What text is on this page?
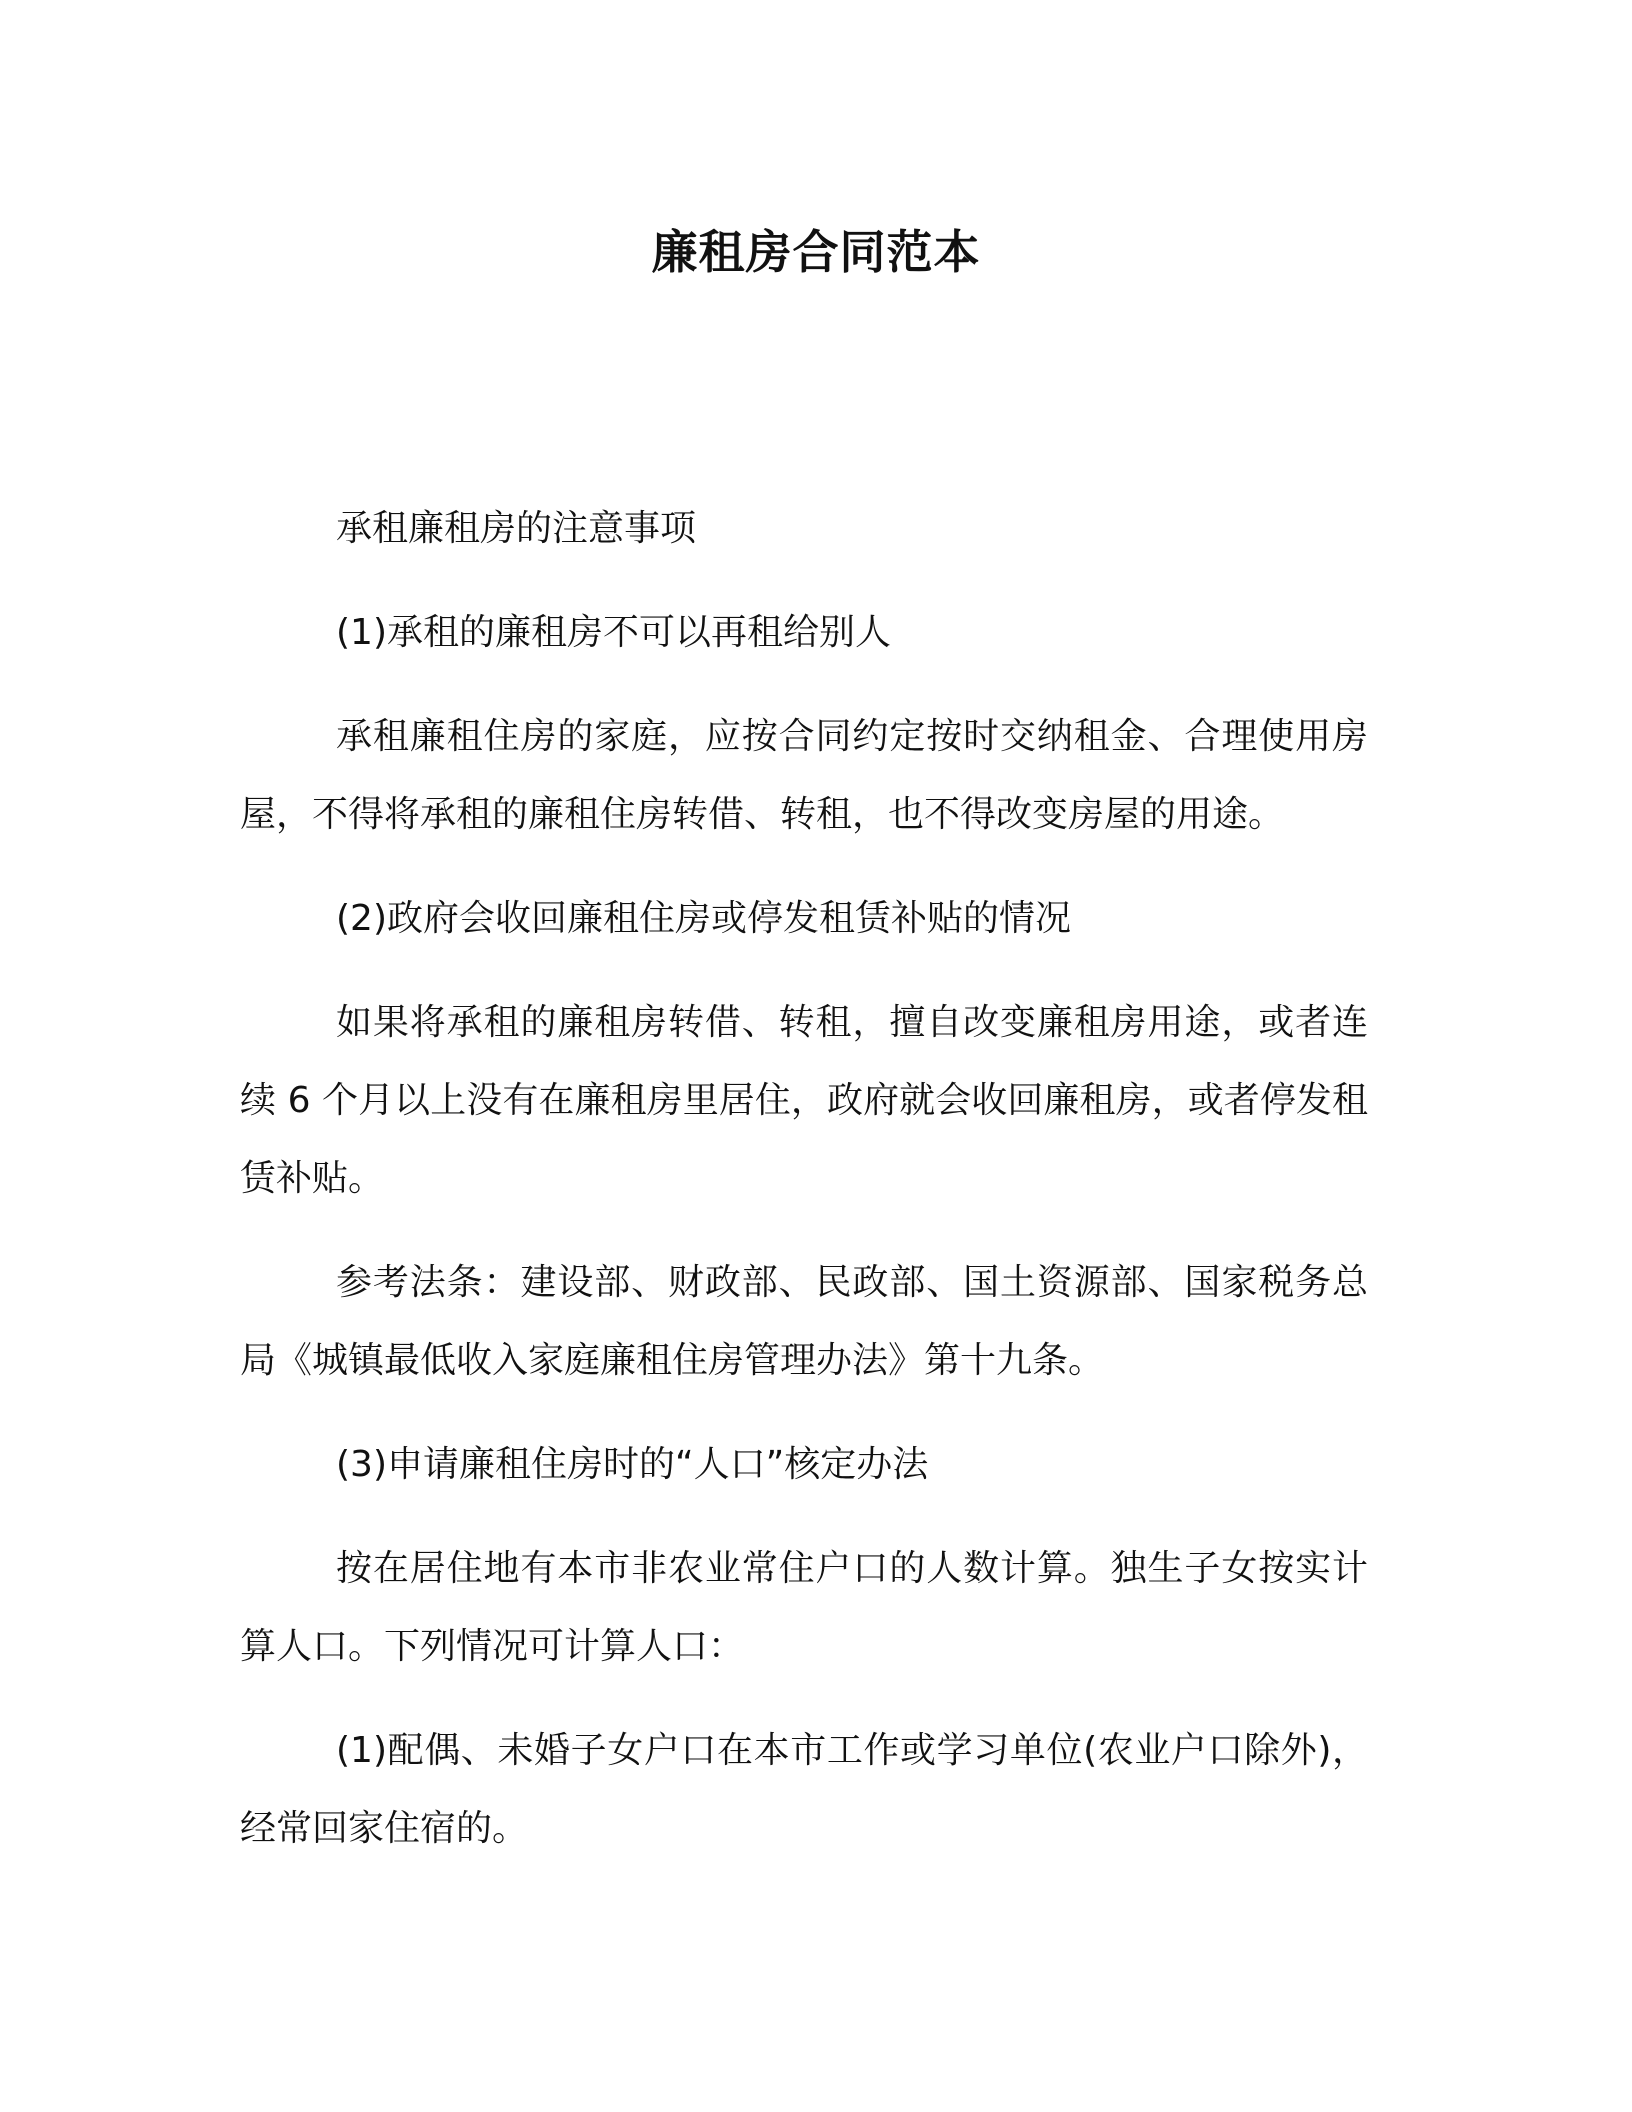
廉租房合同范本

承租廉租房的注意事项

(1)承租的廉租房不可以再租给别人

承租廉租住房的家庭，应按合同约定按时交纳租金、合理使用房屋，不得将承租的廉租住房转借、转租，也不得改变房屋的用途。

(2)政府会收回廉租住房或停发租赁补贴的情况

如果将承租的廉租房转借、转租，擅自改变廉租房用途，或者连续 6 个月以上没有在廉租房里居住，政府就会收回廉租房，或者停发租赁补贴。

参考法条：建设部、财政部、民政部、国土资源部、国家税务总局《城镇最低收入家庭廉租住房管理办法》第十九条。

(3)申请廉租住房时的“人口”核定办法

按在居住地有本市非农业常住户口的人数计算。独生子女按实计算人口。下列情况可计算人口：

(1)配偶、未婚子女户口在本市工作或学习单位(农业户口除外)，经常回家住宿的。
